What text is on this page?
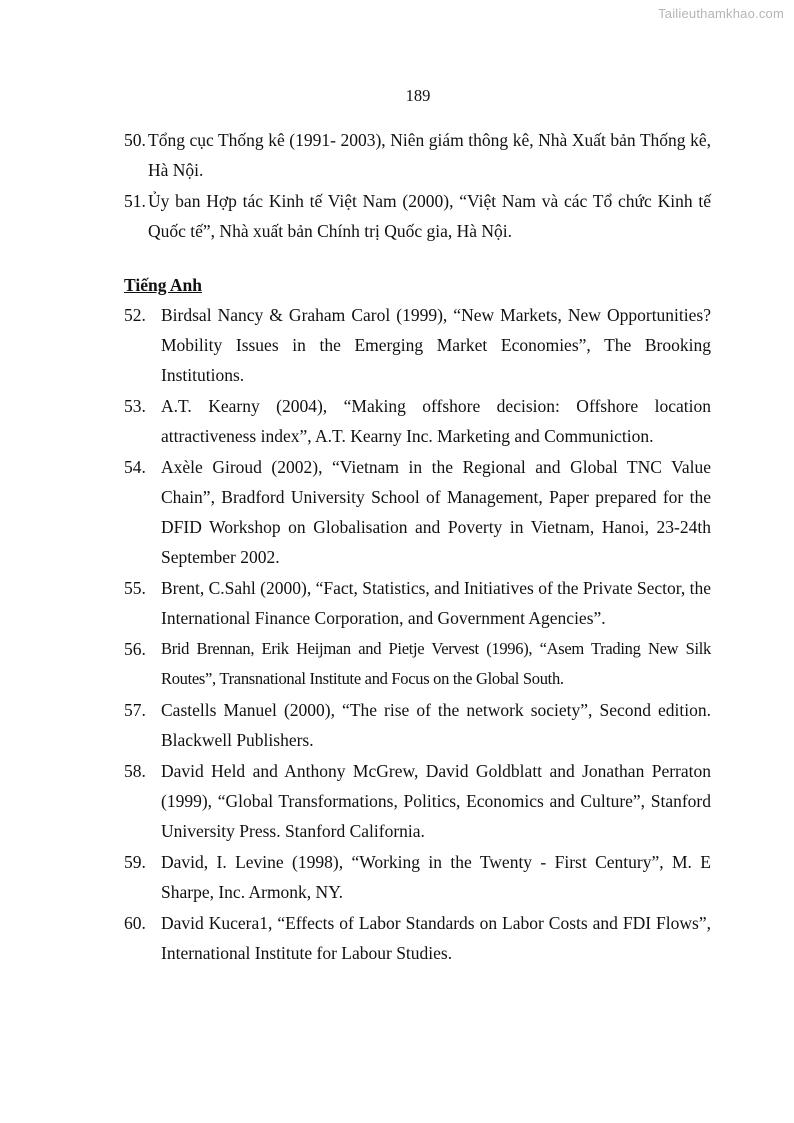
Tailieuthamkhao.com
189
50. Tổng cục Thống kê (1991- 2003), Niên giám thông kê, Nhà Xuất bản Thống kê, Hà Nội.
51. Ủy ban Hợp tác Kinh tế Việt Nam (2000), “Việt Nam và các Tổ chức Kinh tế Quốc tế”, Nhà xuất bản Chính trị Quốc gia, Hà Nội.
Tiếng Anh
52. Birdsal Nancy & Graham Carol (1999), “New Markets, New Opportunities? Mobility Issues in the Emerging Market Economies”, The Brooking Institutions.
53. A.T. Kearny (2004), “Making offshore decision: Offshore location attractiveness index”, A.T. Kearny Inc. Marketing and Communiction.
54. Axèle Giroud (2002), “Vietnam in the Regional and Global TNC Value Chain”, Bradford University School of Management, Paper prepared for the DFID Workshop on Globalisation and Poverty in Vietnam, Hanoi, 23-24th September 2002.
55. Brent, C.Sahl (2000), “Fact, Statistics, and Initiatives of the Private Sector, the International Finance Corporation, and Government Agencies”.
56. Brid Brennan, Erik Heijman and Pietje Vervest (1996), “Asem Trading New Silk Routes”, Transnational Institute and Focus on the Global South.
57. Castells Manuel (2000), “The rise of the network society”, Second edition. Blackwell Publishers.
58. David Held and Anthony McGrew, David Goldblatt and Jonathan Perraton (1999), “Global Transformations, Politics, Economics and Culture”, Stanford University Press. Stanford California.
59. David, I. Levine (1998), “Working in the Twenty - First Century”, M. E Sharpe, Inc. Armonk, NY.
60. David Kucera1, “Effects of Labor Standards on Labor Costs and FDI Flows”, International Institute for Labour Studies.
